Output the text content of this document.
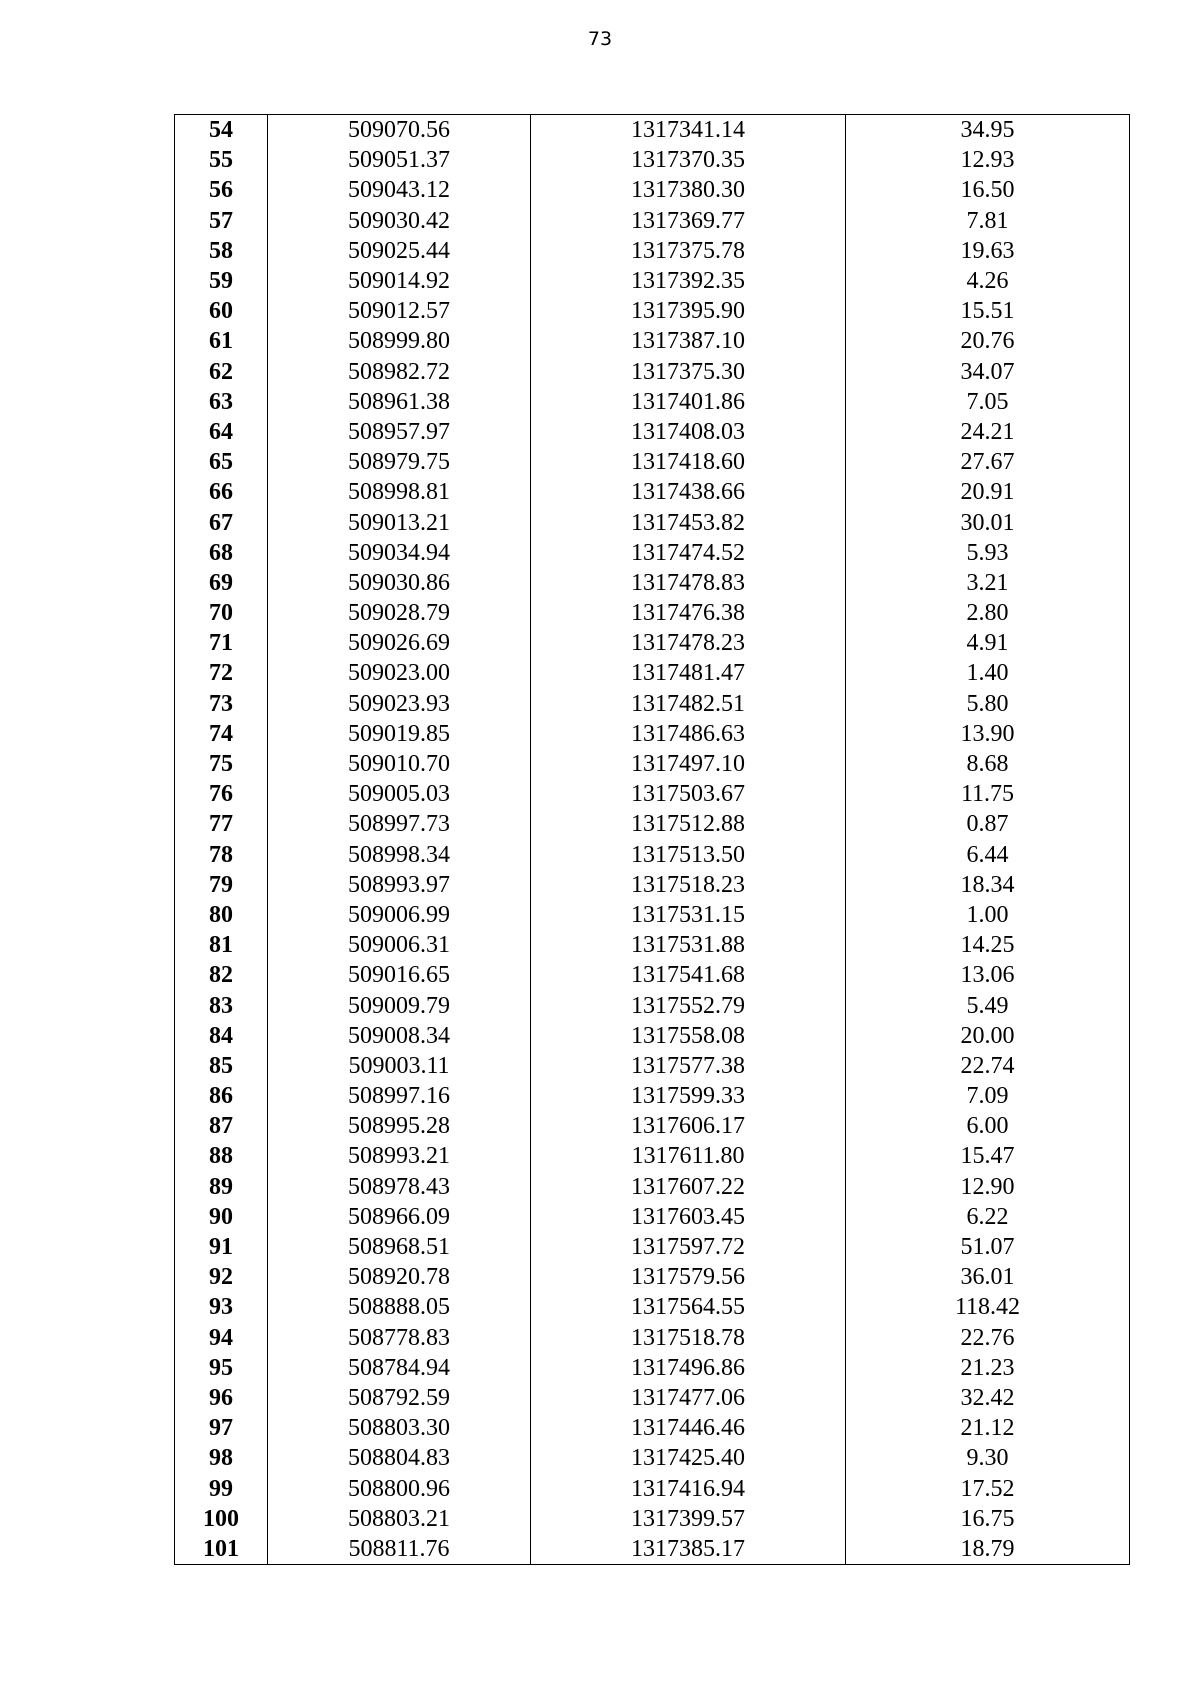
73
54	509070.56	1317341.14	34.95
55	509051.37	1317370.35	12.93
56	509043.12	1317380.30	16.50
57	509030.42	1317369.77	7.81
58	509025.44	1317375.78	19.63
59	509014.92	1317392.35	4.26
60	509012.57	1317395.90	15.51
61	508999.80	1317387.10	20.76
62	508982.72	1317375.30	34.07
63	508961.38	1317401.86	7.05
64	508957.97	1317408.03	24.21
65	508979.75	1317418.60	27.67
66	508998.81	1317438.66	20.91
67	509013.21	1317453.82	30.01
68	509034.94	1317474.52	5.93
69	509030.86	1317478.83	3.21
70	509028.79	1317476.38	2.80
71	509026.69	1317478.23	4.91
72	509023.00	1317481.47	1.40
73	509023.93	1317482.51	5.80
74	509019.85	1317486.63	13.90
75	509010.70	1317497.10	8.68
76	509005.03	1317503.67	11.75
77	508997.73	1317512.88	0.87
78	508998.34	1317513.50	6.44
79	508993.97	1317518.23	18.34
80	509006.99	1317531.15	1.00
81	509006.31	1317531.88	14.25
82	509016.65	1317541.68	13.06
83	509009.79	1317552.79	5.49
84	509008.34	1317558.08	20.00
85	509003.11	1317577.38	22.74
86	508997.16	1317599.33	7.09
87	508995.28	1317606.17	6.00
88	508993.21	1317611.80	15.47
89	508978.43	1317607.22	12.90
90	508966.09	1317603.45	6.22
91	508968.51	1317597.72	51.07
92	508920.78	1317579.56	36.01
93	508888.05	1317564.55	118.42
94	508778.83	1317518.78	22.76
95	508784.94	1317496.86	21.23
96	508792.59	1317477.06	32.42
97	508803.30	1317446.46	21.12
98	508804.83	1317425.40	9.30
99	508800.96	1317416.94	17.52
100	508803.21	1317399.57	16.75
101	508811.76	1317385.17	18.79
